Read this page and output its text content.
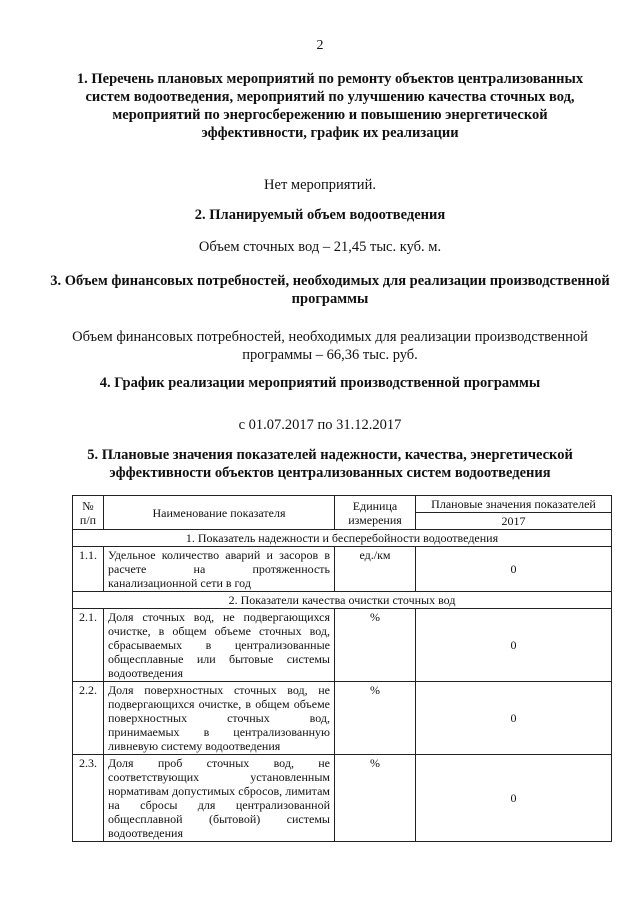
2
1. Перечень плановых мероприятий по ремонту объектов централизованных систем водоотведения, мероприятий по улучшению качества сточных вод, мероприятий по энергосбережению и повышению энергетической эффективности, график их реализации
Нет мероприятий.
2. Планируемый объем водоотведения
Объем сточных вод – 21,45 тыс. куб. м.
3. Объем финансовых потребностей, необходимых для реализации производственной программы
Объем финансовых потребностей, необходимых для реализации производственной программы – 66,36 тыс. руб.
4. График реализации мероприятий производственной программы
с 01.07.2017 по 31.12.2017
5. Плановые значения показателей надежности, качества, энергетической эффективности объектов централизованных систем водоотведения
№ п/п	Наименование показателя	Единица измерения	Плановые значения показателей
			2017
1. Показатель надежности и бесперебойности водоотведения			
1.1.	Удельное количество аварий и засоров в расчете на протяженность канализационной сети в год	ед./км	0
2. Показатели качества очистки сточных вод			
2.1.	Доля сточных вод, не подвергающихся очистке, в общем объеме сточных вод, сбрасываемых в централизованные общесплавные или бытовые системы водоотведения	%	0
2.2.	Доля поверхностных сточных вод, не подвергающихся очистке, в общем объеме поверхностных сточных вод, принимаемых в централизованную ливневую систему водоотведения	%	0
2.3.	Доля проб сточных вод, не соответствующих установленным нормативам допустимых сбросов, лимитам на сбросы для централизованной общесплавной (бытовой) системы водоотведения	%	0
